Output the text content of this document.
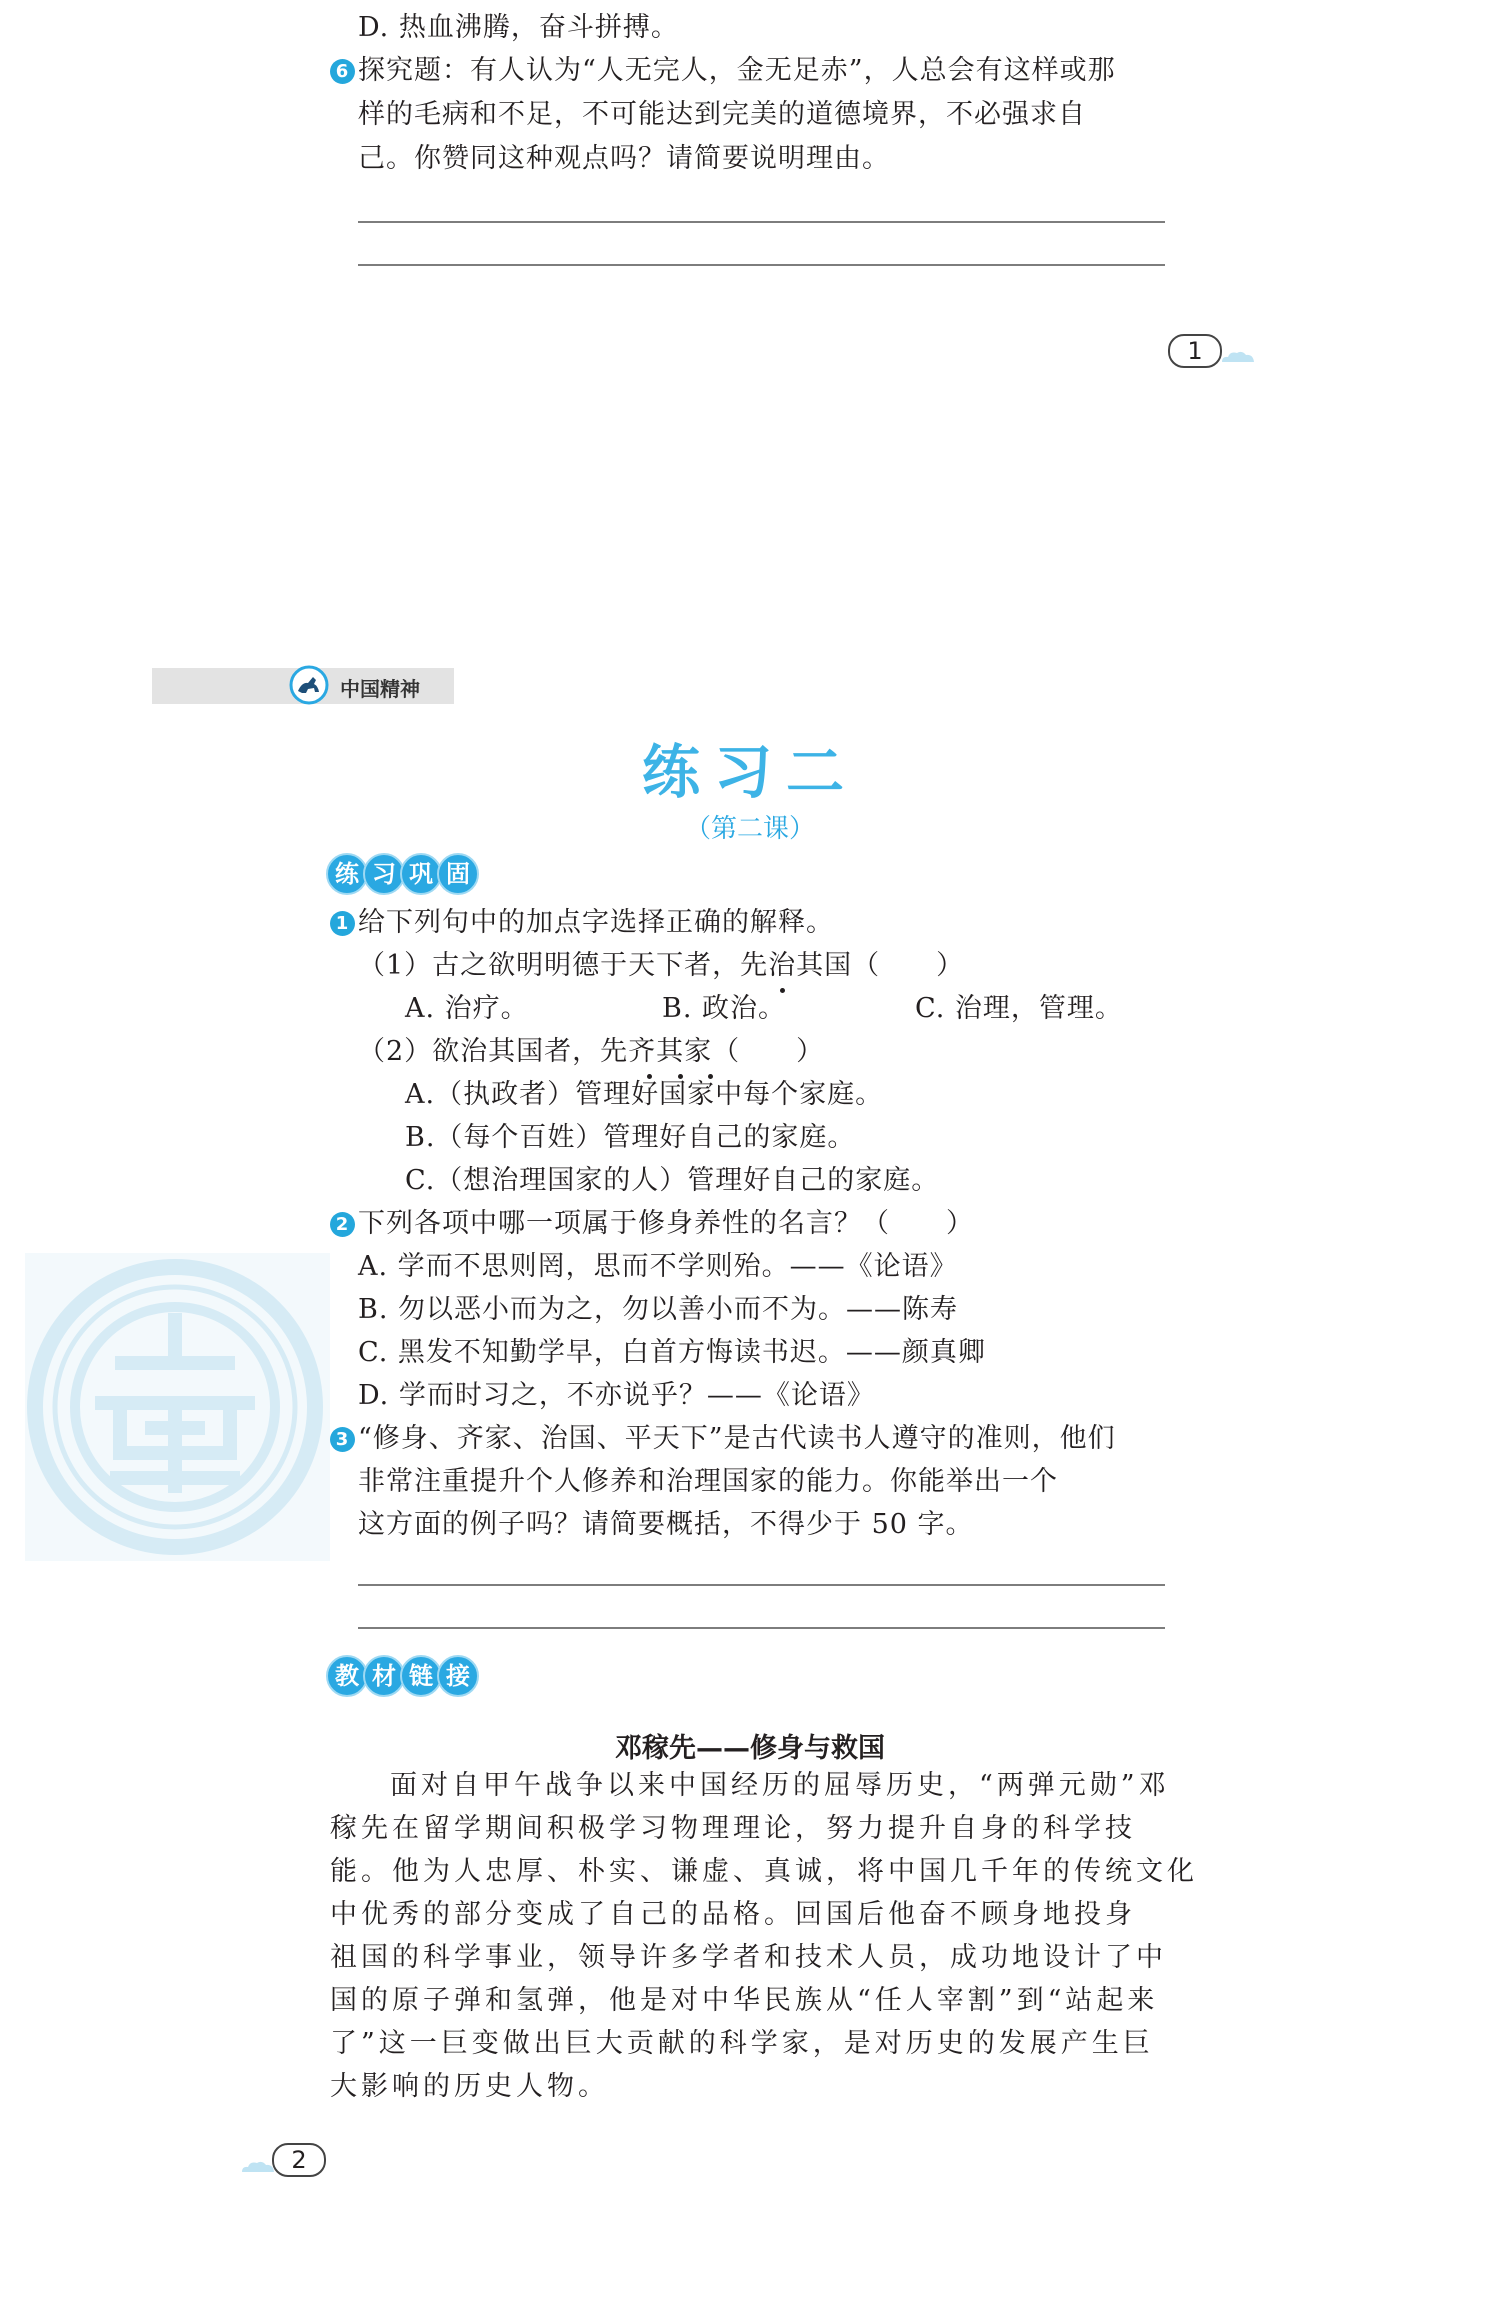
D. 热血沸腾，奋斗拼搏。
6 探究题：有人认为“人无完人，金无足赤”，人总会有这样或那
样的毛病和不足，不可能达到完美的道德境界，不必强求自
己。你赞同这种观点吗？请简要说明理由。
1
中国精神
练习二
（第二课）
练 习 巩 固
1 给下列句中的加点字选择正确的解释。
（1）古之欲明明德于天下者，先治其国（　　）
A. 治疗。	B. 政治。	C. 治理，管理。
（2）欲治其国者，先齐其家（　　）
A.（执政者）管理好国家中每个家庭。
B.（每个百姓）管理好自己的家庭。
C.（想治理国家的人）管理好自己的家庭。
2 下列各项中哪一项属于修身养性的名言？（　　）
A. 学而不思则罔，思而不学则殆。——《论语》
B. 勿以恶小而为之，勿以善小而不为。——陈寿
C. 黑发不知勤学早，白首方悔读书迟。——颜真卿
D. 学而时习之，不亦说乎？——《论语》
3 “修身、齐家、治国、平天下”是古代读书人遵守的准则，他们
非常注重提升个人修养和治理国家的能力。你能举出一个
这方面的例子吗？请简要概括，不得少于 50 字。
教 材 链 接
邓稼先——修身与救国
面对自甲午战争以来中国经历的屈辱历史，“两弹元勋”邓
稼先在留学期间积极学习物理理论，努力提升自身的科学技
能。他为人忠厚、朴实、谦虚、真诚，将中国几千年的传统文化
中优秀的部分变成了自己的品格。回国后他奋不顾身地投身
祖国的科学事业，领导许多学者和技术人员，成功地设计了中
国的原子弹和氢弹，他是对中华民族从“任人宰割”到“站起来
了”这一巨变做出巨大贡献的科学家，是对历史的发展产生巨
大影响的历史人物。
2
